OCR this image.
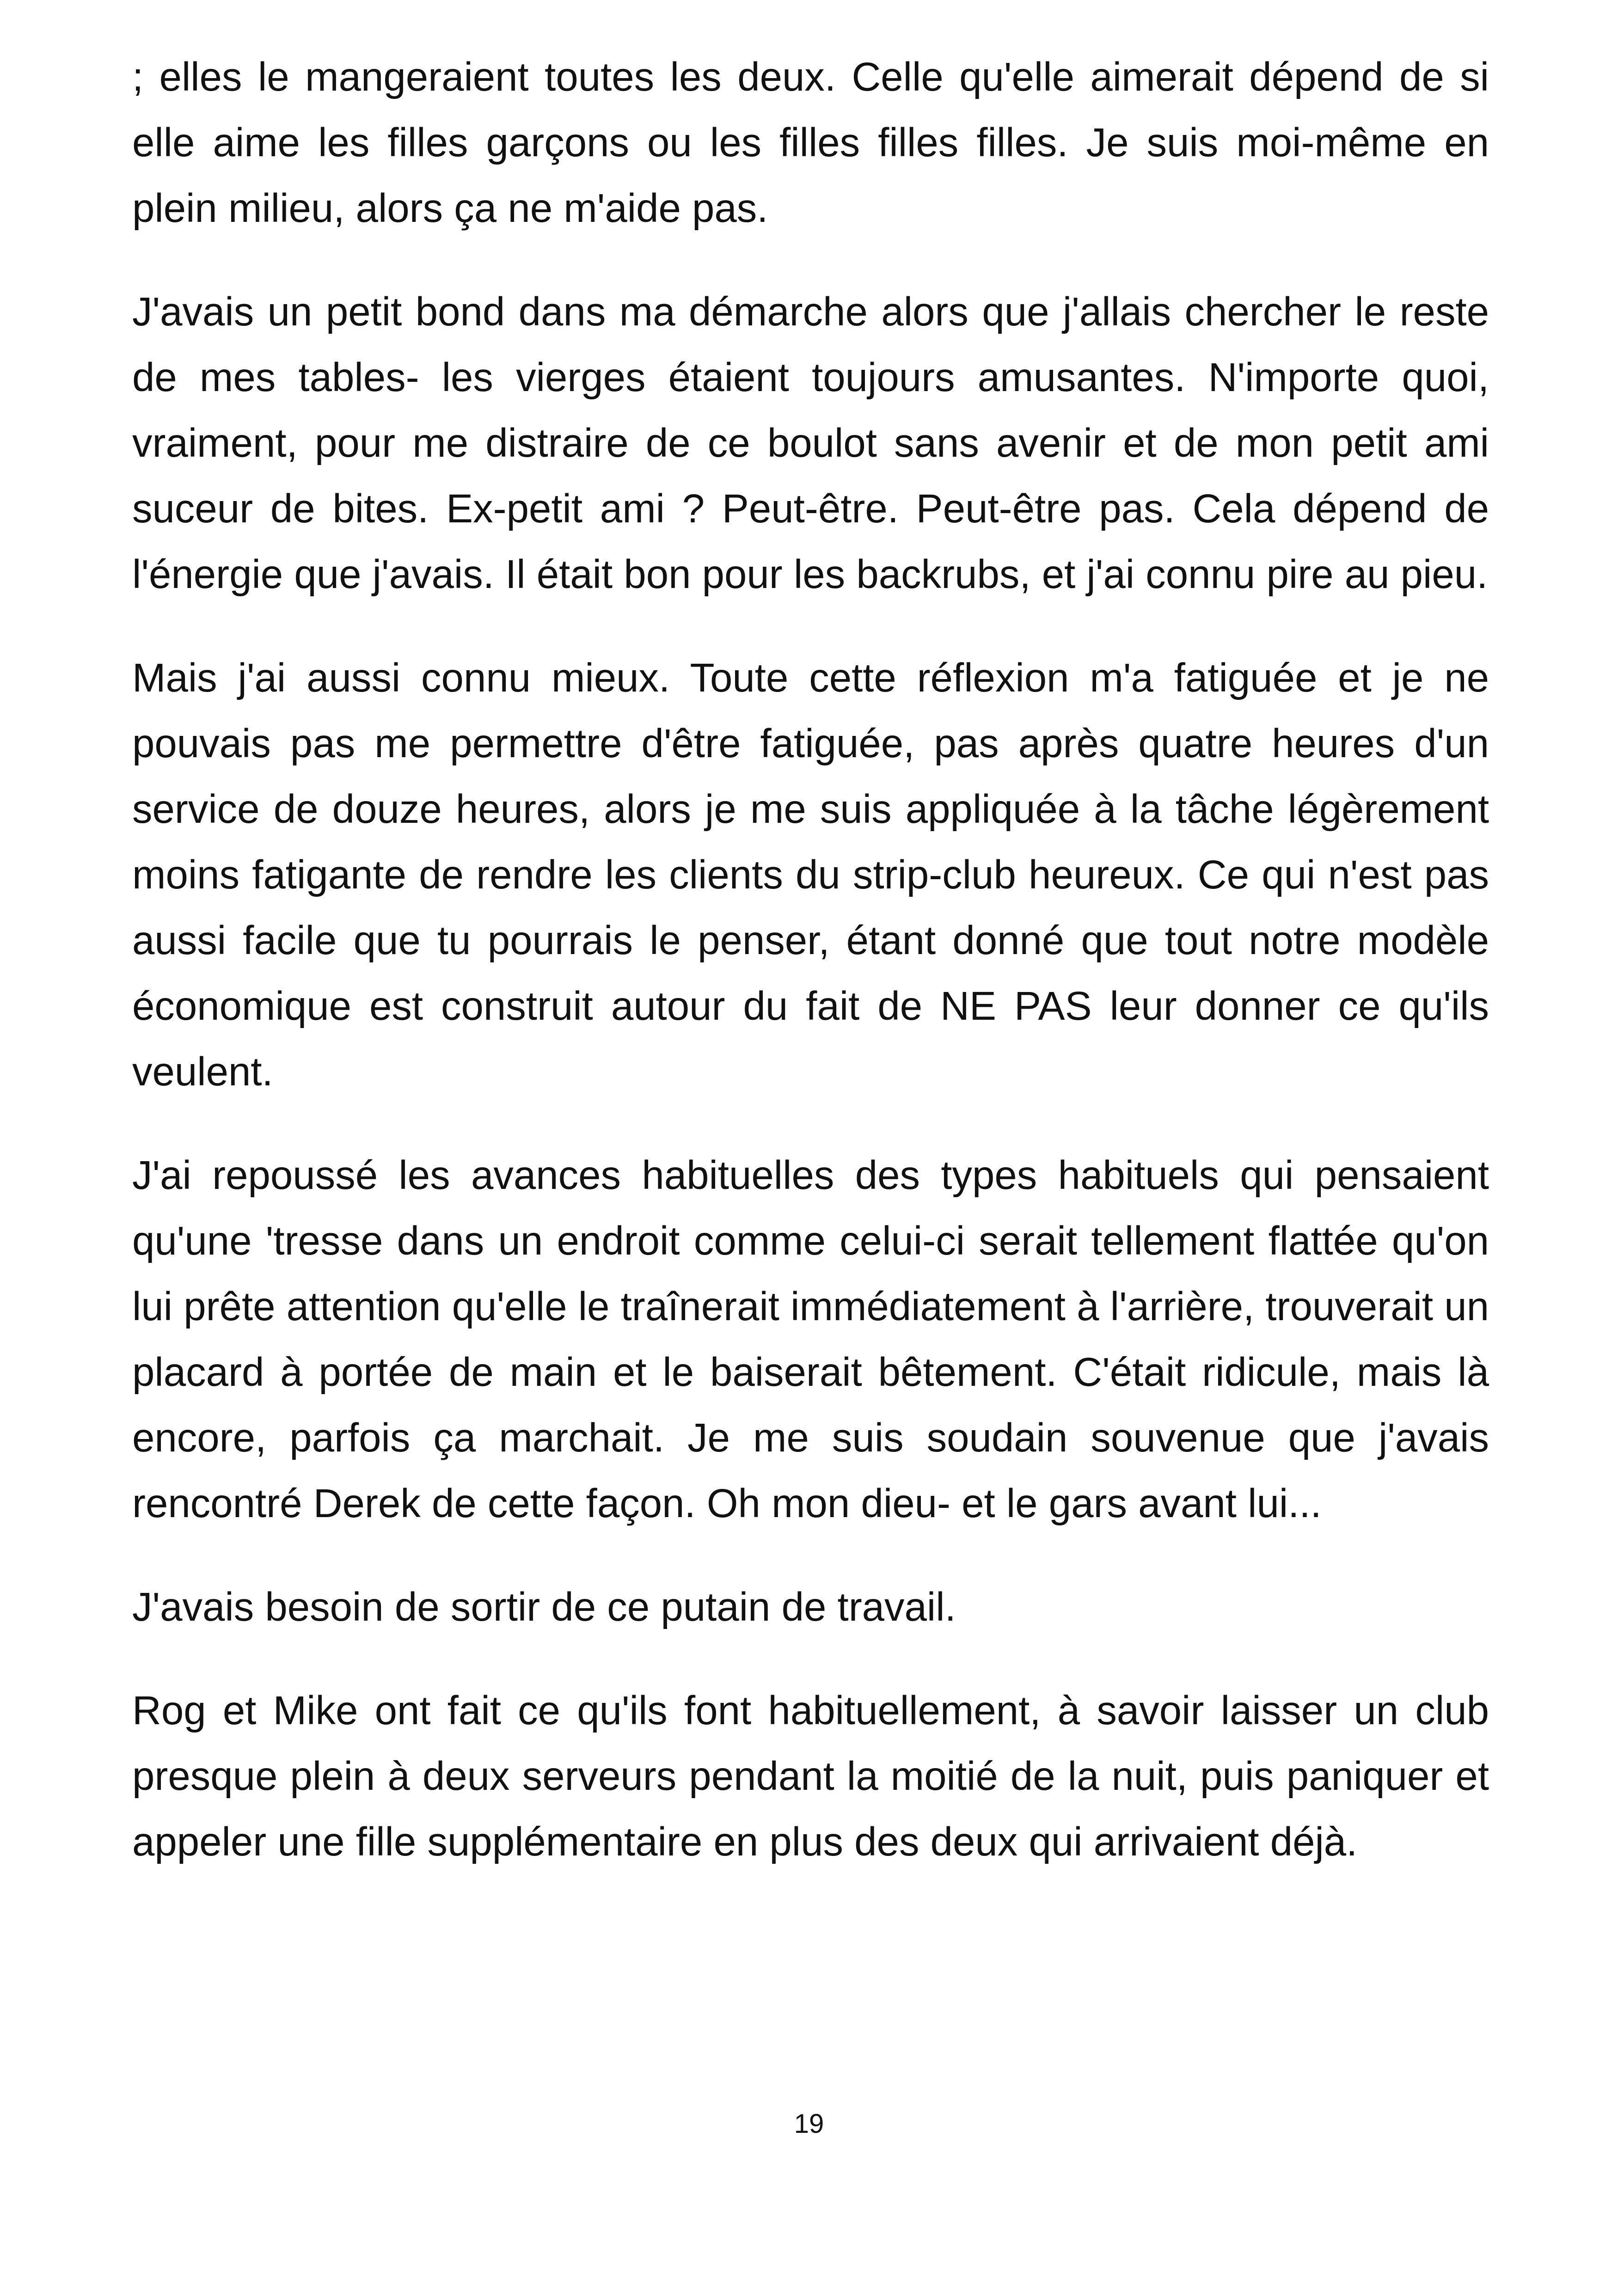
; elles le mangeraient toutes les deux. Celle qu'elle aimerait dépend de si elle aime les filles garçons ou les filles filles filles. Je suis moi-même en plein milieu, alors ça ne m'aide pas.

J'avais un petit bond dans ma démarche alors que j'allais chercher le reste de mes tables- les vierges étaient toujours amusantes. N'importe quoi, vraiment, pour me distraire de ce boulot sans avenir et de mon petit ami suceur de bites. Ex-petit ami ? Peut-être. Peut-être pas. Cela dépend de l'énergie que j'avais. Il était bon pour les backrubs, et j'ai connu pire au pieu.

Mais j'ai aussi connu mieux. Toute cette réflexion m'a fatiguée et je ne pouvais pas me permettre d'être fatiguée, pas après quatre heures d'un service de douze heures, alors je me suis appliquée à la tâche légèrement moins fatigante de rendre les clients du strip-club heureux. Ce qui n'est pas aussi facile que tu pourrais le penser, étant donné que tout notre modèle économique est construit autour du fait de NE PAS leur donner ce qu'ils veulent.

J'ai repoussé les avances habituelles des types habituels qui pensaient qu'une 'tresse dans un endroit comme celui-ci serait tellement flattée qu'on lui prête attention qu'elle le traînerait immédiatement à l'arrière, trouverait un placard à portée de main et le baiserait bêtement. C'était ridicule, mais là encore, parfois ça marchait. Je me suis soudain souvenue que j'avais rencontré Derek de cette façon. Oh mon dieu- et le gars avant lui...

J'avais besoin de sortir de ce putain de travail.

Rog et Mike ont fait ce qu'ils font habituellement, à savoir laisser un club presque plein à deux serveurs pendant la moitié de la nuit, puis paniquer et appeler une fille supplémentaire en plus des deux qui arrivaient déjà.

19
